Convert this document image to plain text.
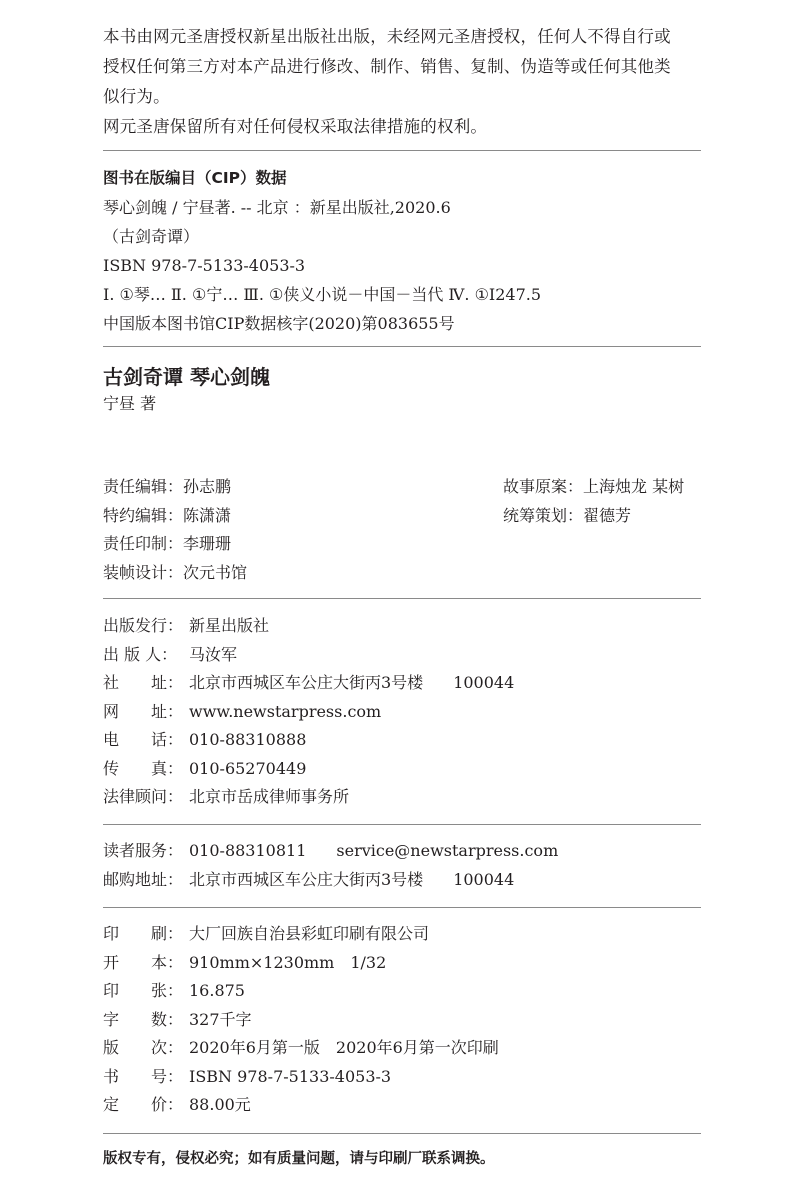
本书由网元圣唐授权新星出版社出版，未经网元圣唐授权，任何人不得自行或

授权任何第三方对本产品进行修改、制作、销售、复制、伪造等或任何其他类

似行为。

网元圣唐保留所有对任何侵权采取法律措施的权利。

图书在版编目（CIP）数据
琴心剑魄 / 宁昼著. -- 北京 ：新星出版社,2020.6
（古剑奇谭）
ISBN 978-7-5133-4053-3
Ⅰ. ①琴… Ⅱ. ①宁… Ⅲ. ①侠义小说－中国－当代 Ⅳ. ①I247.5
中国版本图书馆CIP数据核字(2020)第083655号
古剑奇谭 琴心剑魄
宁昼 著
责任编辑：孙志鹏	故事原案：上海烛龙 某树
特约编辑：陈潇潇	统筹策划：翟德芳
责任印制：李珊珊
装帧设计：次元书馆
出版发行： 新星出版社
出 版 人： 马汝军
社　　址： 北京市西城区车公庄大街丙3号楼 100044
网　　址： www.newstarpress.com
电　　话： 010-88310888
传　　真： 010-65270449
法律顾问： 北京市岳成律师事务所
读者服务： 010-88310811 service@newstarpress.com
邮购地址： 北京市西城区车公庄大街丙3号楼 100044
印　　刷： 大厂回族自治县彩虹印刷有限公司
开　　本： 910mm×1230mm　1/32
印　　张： 16.875
字　　数： 327千字
版　　次： 2020年6月第一版　2020年6月第一次印刷
书　　号： ISBN 978-7-5133-4053-3
定　　价： 88.00元
版权专有，侵权必究；如有质量问题，请与印刷厂联系调换。
